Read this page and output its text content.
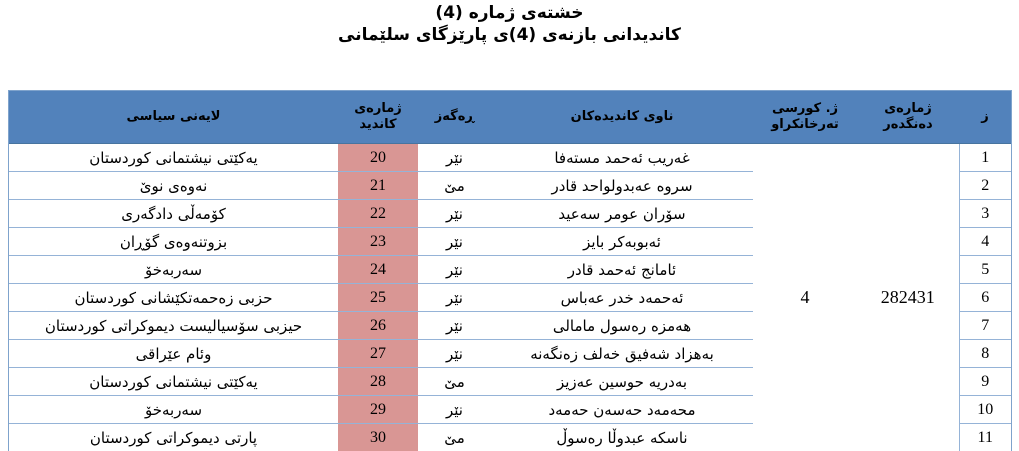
خشتەی ژمارە (4)
كاندیدانی بازنەی (4)ی پارێزگای سلێمانی
ز	ژمارەی دەنگدەر	ژ. كورسی تەرخانكراو	ناوی كاندیدەكان	ڕەگەز	ژمارەی كاندید	لایەنی سیاسی
1	282431	4	غەریب ئەحمد مستەفا	نێر	20	یەكێتی نیشتمانی كوردستان
2			سروە عەبدولواحد قادر	مێ	21	نەوەی نوێ
3			سۆران عومر سەعید	نێر	22	كۆمەڵی دادگەری
4			ئەبوبەكر بایز	نێر	23	بزوتنەوەی گۆڕان
5			ئامانج ئەحمد قادر	نێر	24	سەربەخۆ
6			ئەحمەد خدر عەباس	نێر	25	حزبی زەحمەتكێشانی كوردستان
7			هەمزە رەسول مامالی	نێر	26	حیزبی سۆسیالیست دیموكراتی كوردستان
8			بەهزاد شەفیق خەلف زەنگەنە	نێر	27	وئام عێراقی
9			بەدریە حوسین عەزیز	مێ	28	یەكێتی نیشتمانی كوردستان
10			محەمەد حەسەن حەمەد	نێر	29	سەربەخۆ
11			ناسكە عبدوڵا رەسوڵ	مێ	30	پارتی دیموكراتی كوردستان
